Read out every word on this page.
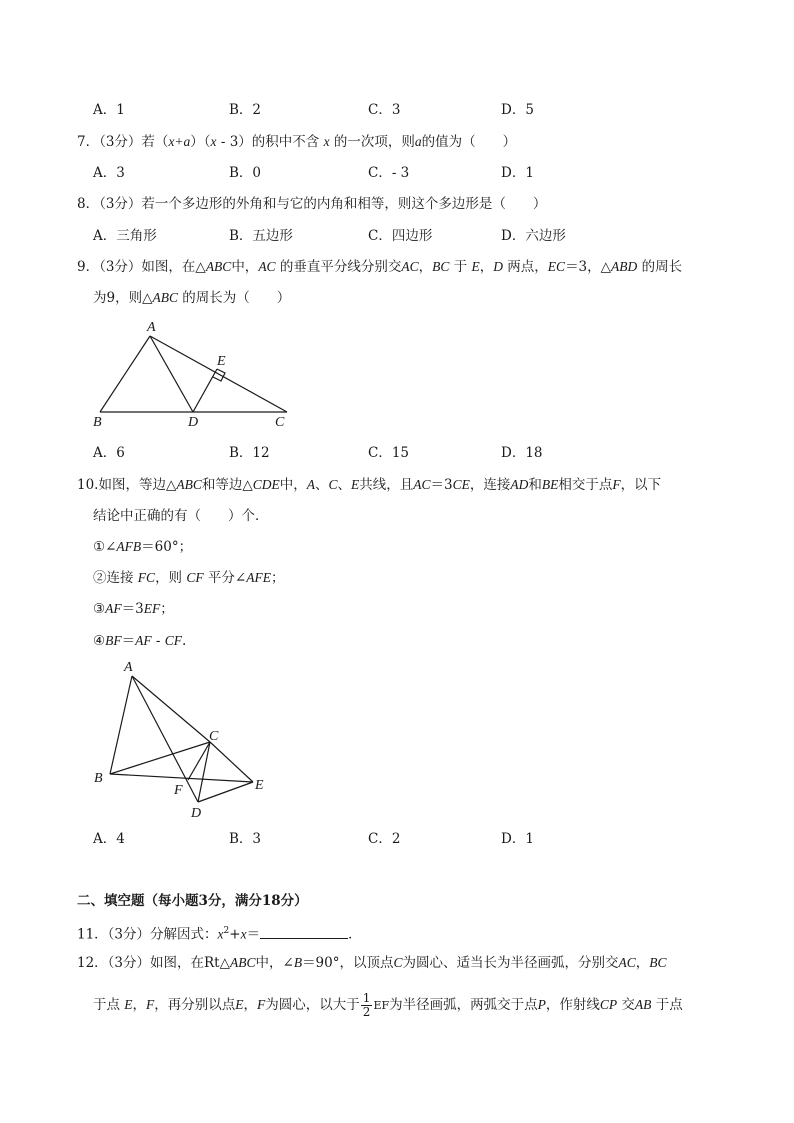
A．1	B．2	C．3	D．5
7．（3分）若（x+a）（x - 3）的积中不含 x 的一次项，则a的值为（　　）
A．3	B．0	C．- 3	D．1
8．（3分）若一个多边形的外角和与它的内角和相等，则这个多边形是（　　）
A．三角形	B．五边形	C．四边形	D．六边形
9．（3分）如图，在△ABC中，AC 的垂直平分线分别交AC，BC 于 E，D 两点，EC＝3，△ABD 的周长
为9，则△ABC 的周长为（　　）
A
B	C
D
E
A．6	B．12	C．15	D．18
10.如图，等边△ABC和等边△CDE中，A、C、E共线，且AC＝3CE，连接AD和BE相交于点F，以下
结论中正确的有（　　）个．
①∠AFB＝60°；
②连接 FC，则 CF 平分∠AFE；
③AF＝3EF；
④BF＝AF - CF.
A
B
C
D
E
F
A．4	B．3	C．2	D．1
二、填空题（每小题3分，满分18分）
11．（3分）分解因式：$x^2+x=$	．
12．（3分）如图，在Rt△ABC中，∠B＝90°，以顶点C为圆心、适当长为半径画弧，分别交AC，BC
于点 E，F，再分别以点E，F为圆心，以大于 $\frac{1}{2}$ EF为半径画弧，两弧交于点P，作射线CP 交AB 于点
